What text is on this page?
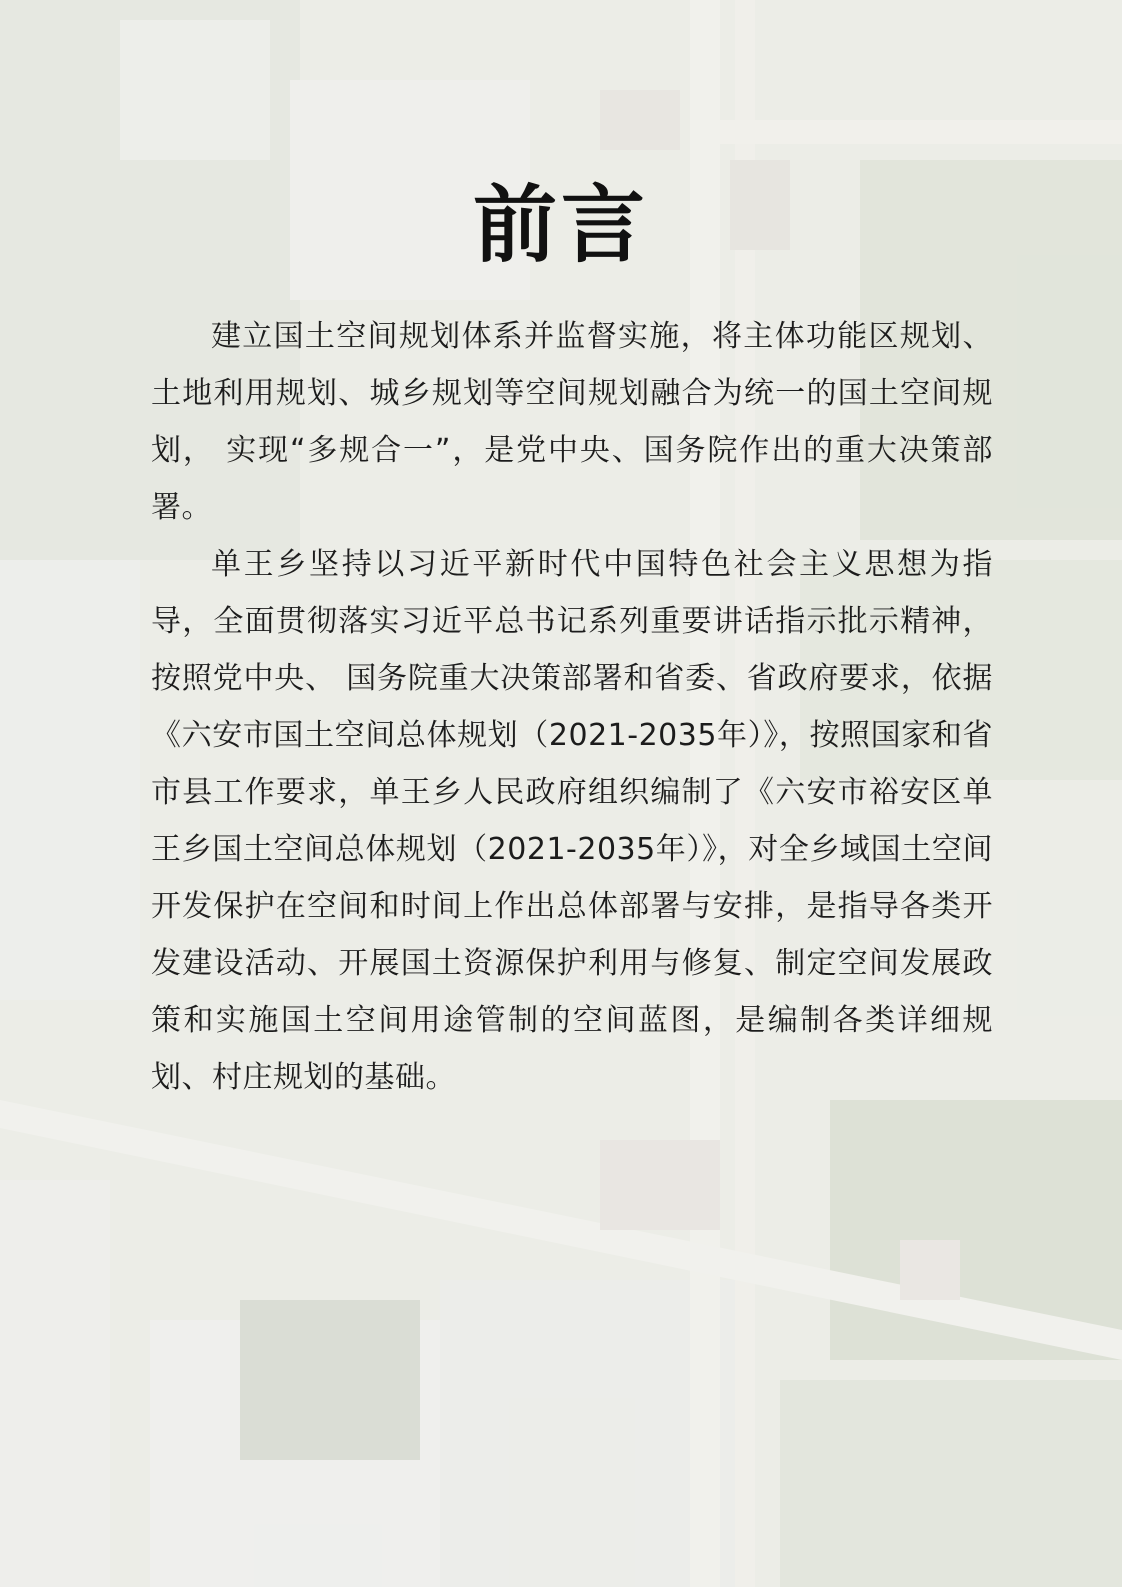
前言

建立国土空间规划体系并监督实施，将主体功能区规划、土地利用规划、城乡规划等空间规划融合为统一的国土空间规划， 实现“多规合一”，是党中央、国务院作出的重大决策部署。

单王乡坚持以习近平新时代中国特色社会主义思想为指导，全面贯彻落实习近平总书记系列重要讲话指示批示精神，按照党中央、 国务院重大决策部署和省委、省政府要求，依据《六安市国土空间总体规划（2021-2035年）》，按照国家和省市县工作要求，单王乡人民政府组织编制了《六安市裕安区单王乡国土空间总体规划（2021-2035年）》，对全乡域国土空间开发保护在空间和时间上作出总体部署与安排，是指导各类开发建设活动、开展国土资源保护利用与修复、制定空间发展政策和实施国土空间用途管制的空间蓝图，是编制各类详细规划、村庄规划的基础。
